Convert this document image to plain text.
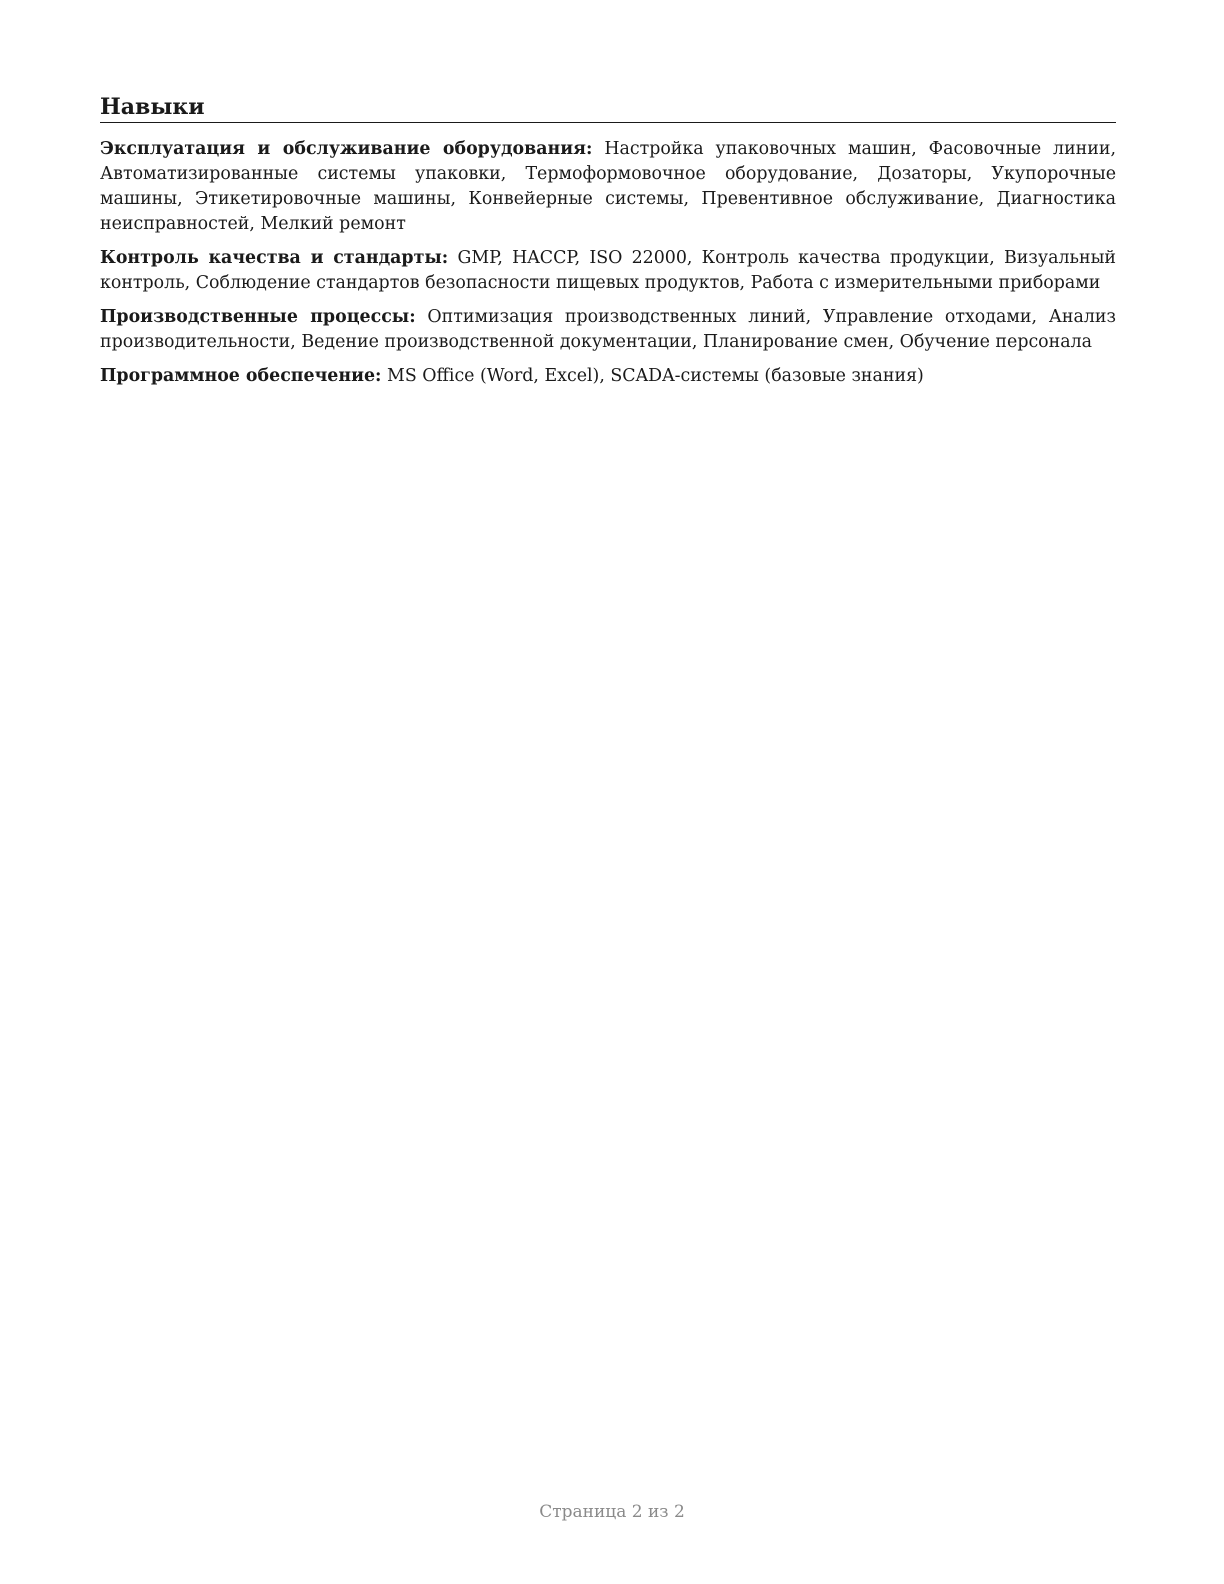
Навыки

Эксплуатация и обслуживание оборудования: Настройка упаковочных машин, Фасовочные линии, Автоматизированные системы упаковки, Термоформовочное оборудование, Дозаторы, Укупорочные машины, Этикетировочные машины, Конвейерные системы, Превентивное обслуживание, Диагностика неисправностей, Мелкий ремонт

Контроль качества и стандарты: GMP, HACCP, ISO 22000, Контроль качества продукции, Визуальный контроль, Соблюдение стандартов безопасности пищевых продуктов, Работа с измерительными приборами

Производственные процессы: Оптимизация производственных линий, Управление отходами, Анализ производительности, Ведение производственной документации, Планирование смен, Обучение персонала

Программное обеспечение: MS Office (Word, Excel), SCADA-системы (базовые знания)

Страница 2 из 2
